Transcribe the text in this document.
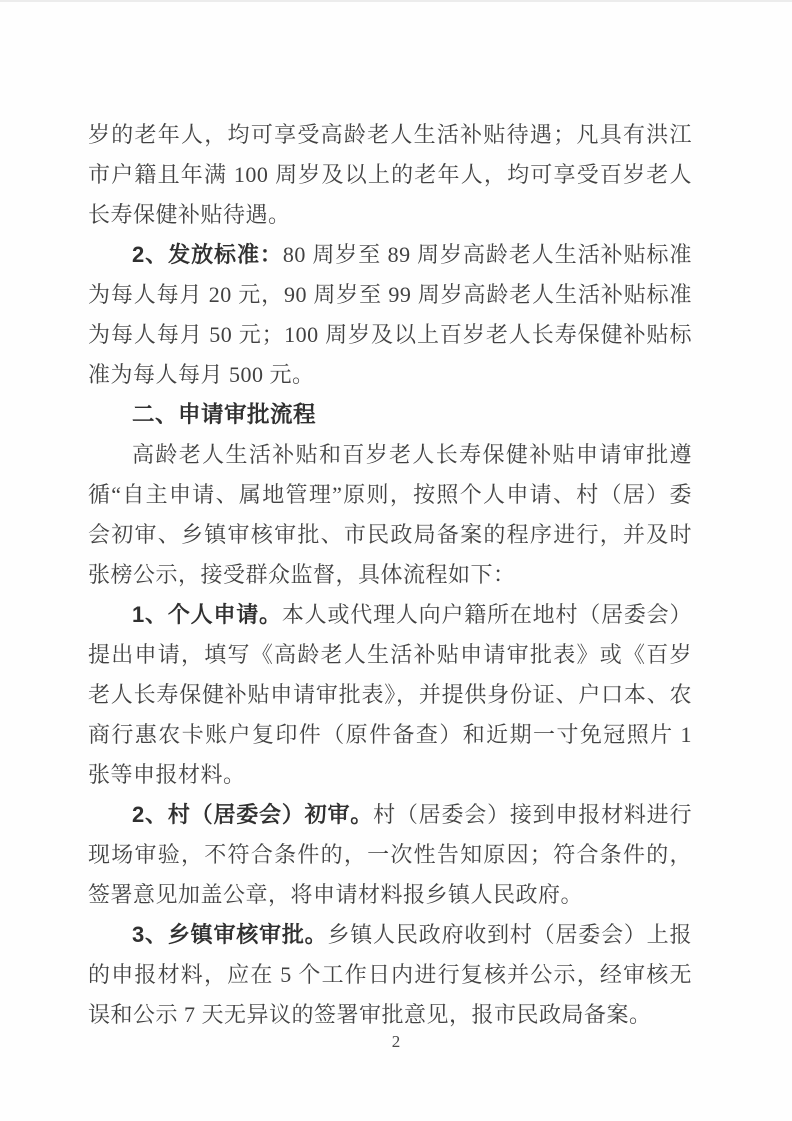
岁的老年人，均可享受高龄老人生活补贴待遇；凡具有洪江市户籍且年满 100 周岁及以上的老年人，均可享受百岁老人长寿保健补贴待遇。

2、发放标准：80 周岁至 89 周岁高龄老人生活补贴标准为每人每月 20 元，90 周岁至 99 周岁高龄老人生活补贴标准为每人每月 50 元；100 周岁及以上百岁老人长寿保健补贴标准为每人每月 500 元。

二、申请审批流程

高龄老人生活补贴和百岁老人长寿保健补贴申请审批遵循“自主申请、属地管理”原则，按照个人申请、村（居）委会初审、乡镇审核审批、市民政局备案的程序进行，并及时张榜公示，接受群众监督，具体流程如下：

1、个人申请。本人或代理人向户籍所在地村（居委会）提出申请，填写《高龄老人生活补贴申请审批表》或《百岁老人长寿保健补贴申请审批表》，并提供身份证、户口本、农商行惠农卡账户复印件（原件备查）和近期一寸免冠照片 1 张等申报材料。

2、村（居委会）初审。村（居委会）接到申报材料进行现场审验，不符合条件的，一次性告知原因；符合条件的，签署意见加盖公章，将申请材料报乡镇人民政府。

3、乡镇审核审批。乡镇人民政府收到村（居委会）上报的申报材料，应在 5 个工作日内进行复核并公示，经审核无误和公示 7 天无异议的签署审批意见，报市民政局备案。

2
